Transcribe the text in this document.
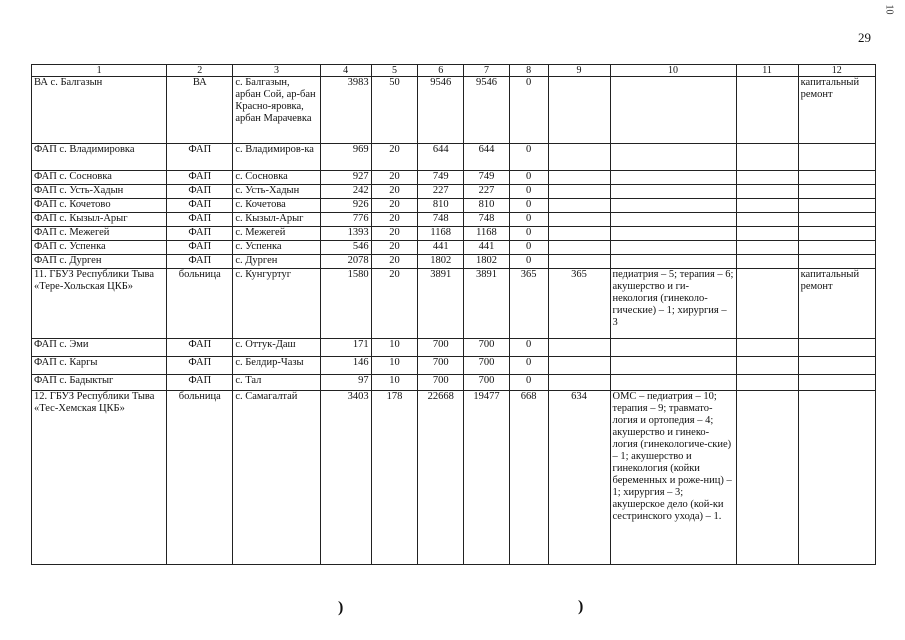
29
10
1	2	3	4	5	6	7	8	9	10	11	12
ВА с. Балгазын	ВА	с. Балгазын, арбан Сой, ар-бан Красно-яровка, арбан Марачевка	3983	50	9546	9546	0				капитальный ремонт
ФАП с. Владимировка	ФАП	с. Владимиров-ка	969	20	644	644	0				
ФАП с. Сосновка	ФАП	с. Сосновка	927	20	749	749	0				
ФАП с. Усть-Хадын	ФАП	с. Усть-Хадын	242	20	227	227	0				
ФАП с. Кочетово	ФАП	с. Кочетова	926	20	810	810	0				
ФАП с. Кызыл-Арыг	ФАП	с. Кызыл-Арыг	776	20	748	748	0				
ФАП с. Межегей	ФАП	с. Межегей	1393	20	1168	1168	0				
ФАП с. Успенка	ФАП	с. Успенка	546	20	441	441	0				
ФАП с. Дурген	ФАП	с. Дурген	2078	20	1802	1802	0				
11. ГБУЗ Республики Тыва «Тере-Хольская ЦКБ»	больница	с. Кунгуртуг	1580	20	3891	3891	365	365	педиатрия – 5; терапия – 6; акушерство и ги-некология (гинеколо-гические) – 1; хирургия – 3		капитальный ремонт
ФАП с. Эми	ФАП	с. Оттук-Даш	171	10	700	700	0				
ФАП с. Каргы	ФАП	с. Белдир-Чазы	146	10	700	700	0				
ФАП с. Бадыктыг	ФАП	с. Тал	97	10	700	700	0				
12. ГБУЗ Республики Тыва «Тес-Хемская ЦКБ»	больница	с. Самагалтай	3403	178	22668	19477	668	634	ОМС – педиатрия – 10; терапия – 9; травмато-логия и ортопедия – 4; акушерство и гинеко-логия (гинекологиче-ские) – 1; акушерство и гинекология (койки беременных и роже-ниц) – 1; хирургия – 3; акушерское дело (кой-ки сестринского ухода) – 1.		
)	)
